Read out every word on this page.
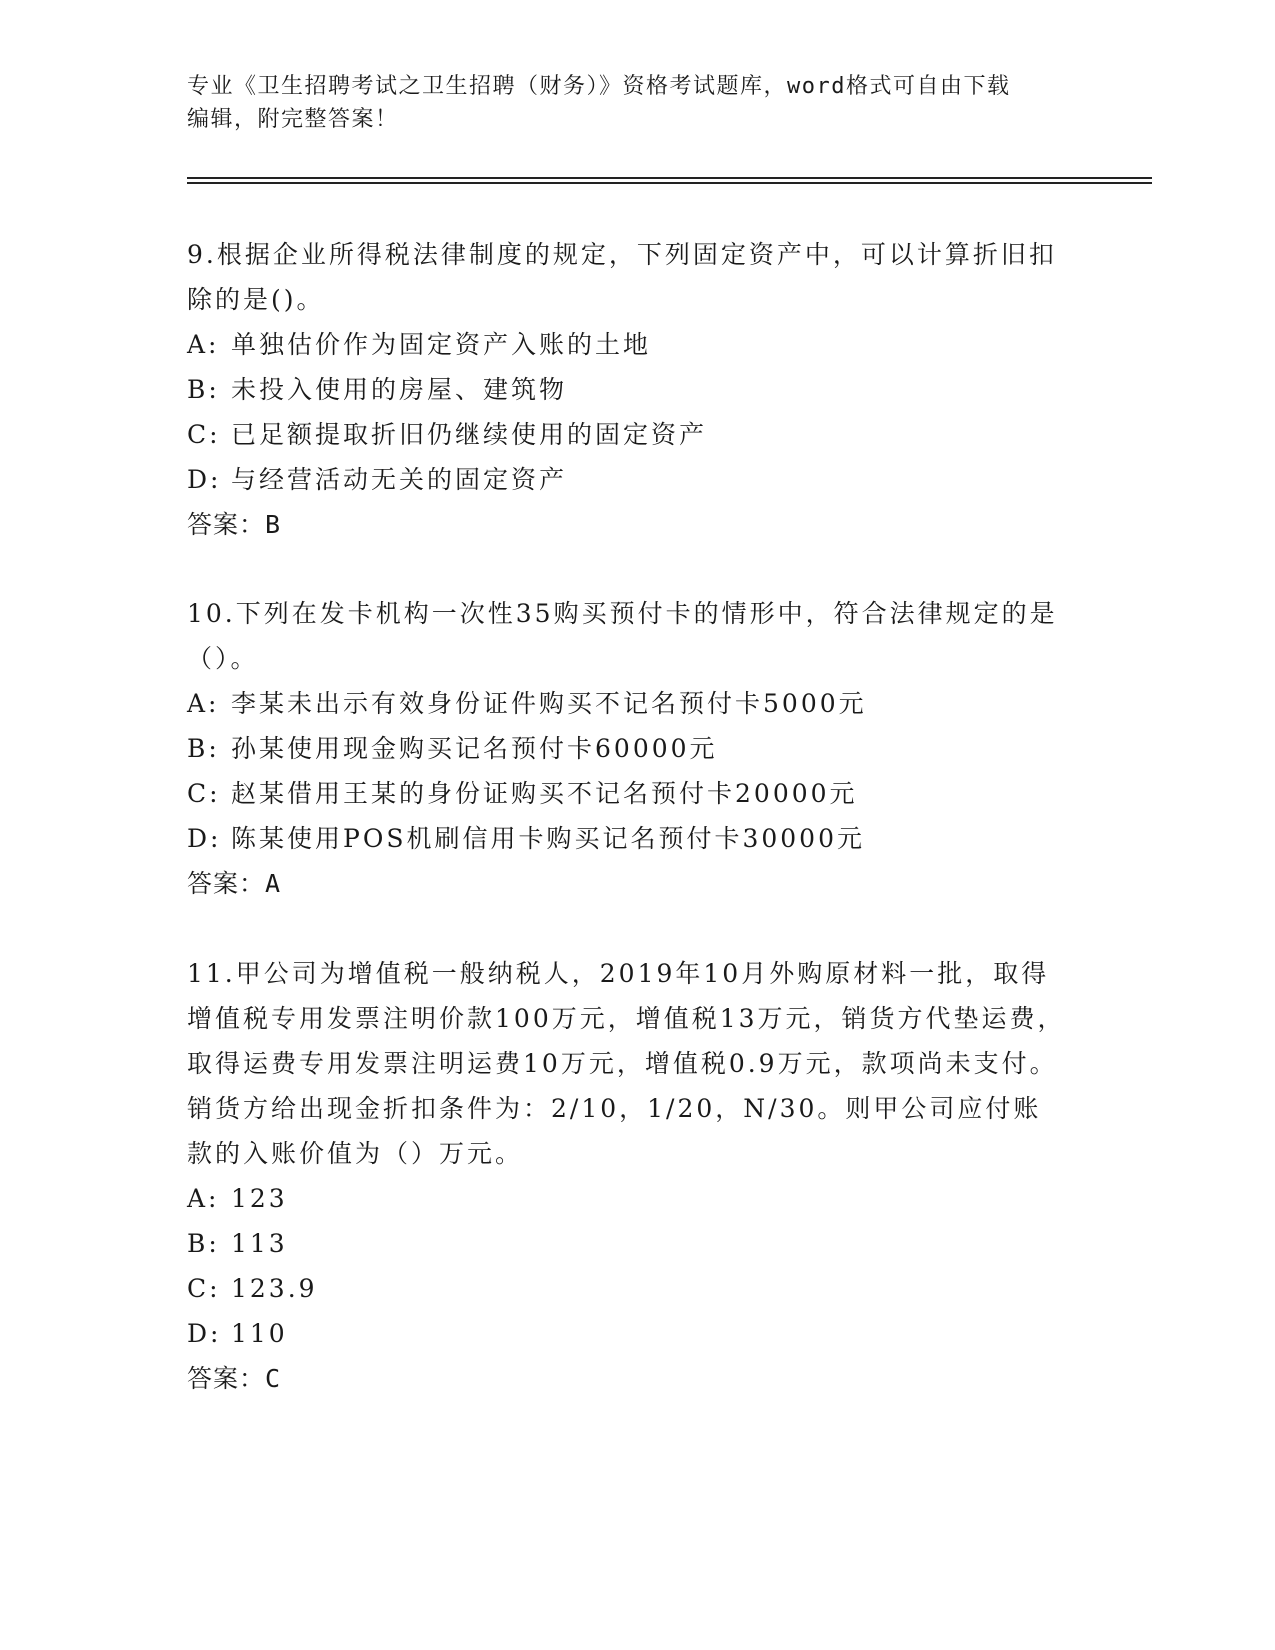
专业《卫生招聘考试之卫生招聘（财务）》资格考试题库，word格式可自由下载
编辑，附完整答案！

9.根据企业所得税法律制度的规定，下列固定资产中，可以计算折旧扣除的是()。

A: 单独估价作为固定资产入账的土地

B: 未投入使用的房屋、建筑物

C: 已足额提取折旧仍继续使用的固定资产

D: 与经营活动无关的固定资产

答案：B

10.下列在发卡机构一次性35购买预付卡的情形中，符合法律规定的是（）。

A: 李某未出示有效身份证件购买不记名预付卡5000元

B: 孙某使用现金购买记名预付卡60000元

C: 赵某借用王某的身份证购买不记名预付卡20000元

D: 陈某使用POS机刷信用卡购买记名预付卡30000元

答案：A

11.甲公司为增值税一般纳税人，2019年10月外购原材料一批，取得增值税专用发票注明价款100万元，增值税13万元，销货方代垫运费，取得运费专用发票注明运费10万元，增值税0.9万元，款项尚未支付。销货方给出现金折扣条件为：2/10，1/20，N/30。则甲公司应付账款的入账价值为（）万元。

A: 123

B: 113

C: 123.9

D: 110

答案：C
